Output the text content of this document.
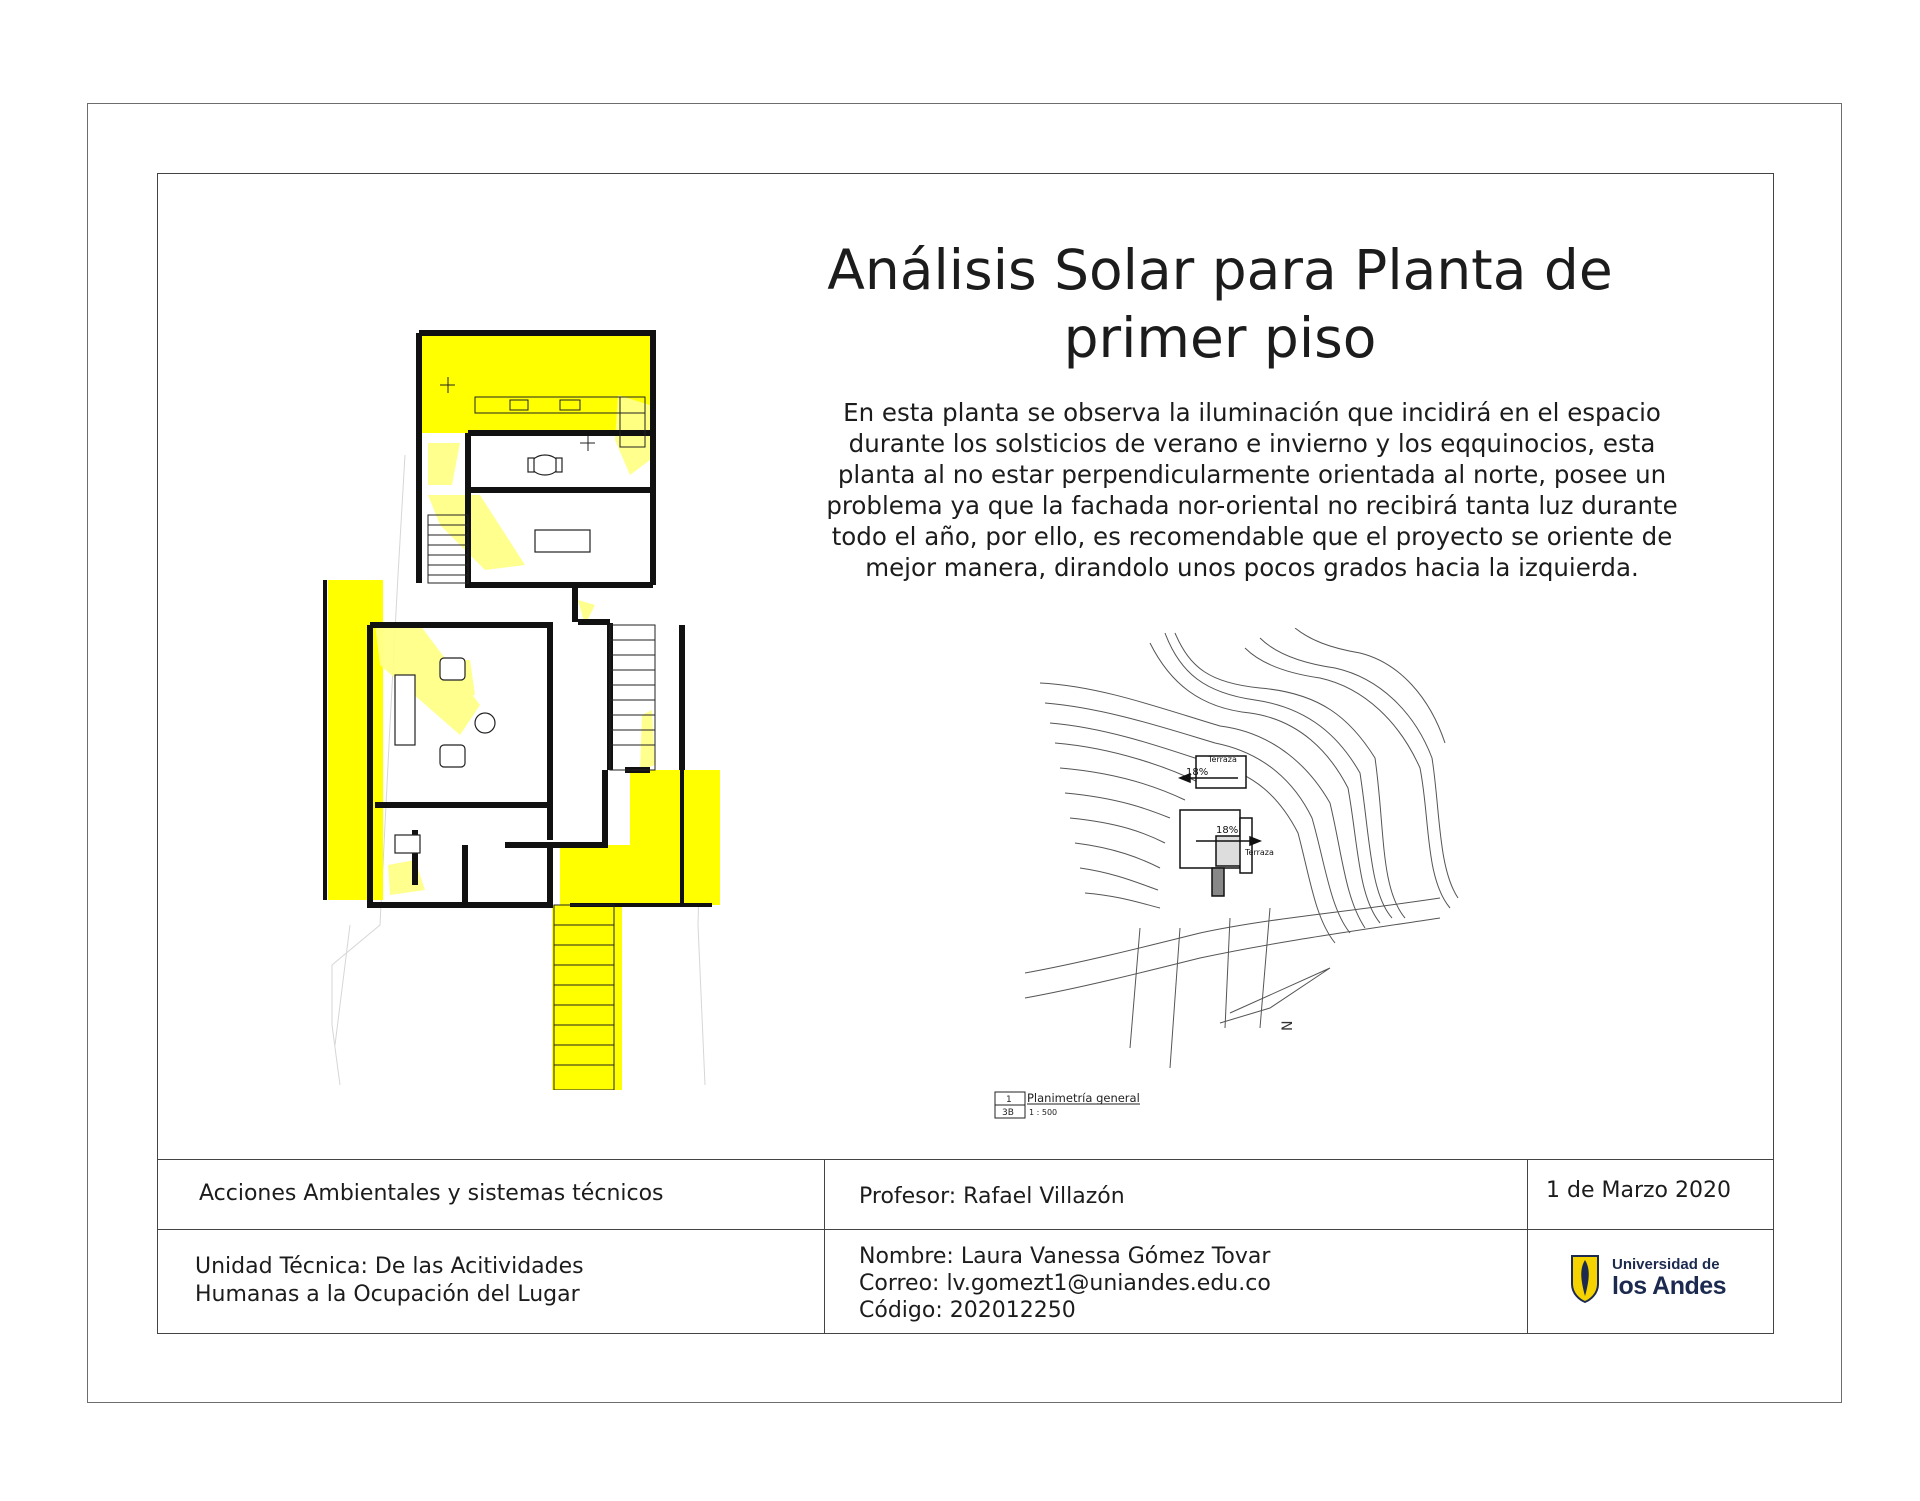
Análisis Solar para Planta de
primer piso
En esta planta se observa la iluminación que incidirá en el espacio
durante los solsticios de verano e invierno y los eqquinocios, esta
planta al no estar perpendicularmente orientada al norte, posee un
problema ya que la fachada nor-oriental no recibirá tanta luz durante
todo el año, por ello, es recomendable que el proyecto se oriente de
mejor manera, dirandolo unos pocos grados hacia la izquierda.
Terraza
Terraza
18%
18%
N
1
3B
Planimetría general
1 : 500
Acciones Ambientales y sistemas técnicos	Profesor: Rafael Villazón	1 de Marzo 2020
Unidad Técnica: De las Acitividades
Humanas a la Ocupación del Lugar
Nombre: Laura Vanessa Gómez Tovar
Correo: lv.gomezt1@uniandes.edu.co
Código: 202012250
Universidad de
los Andes
